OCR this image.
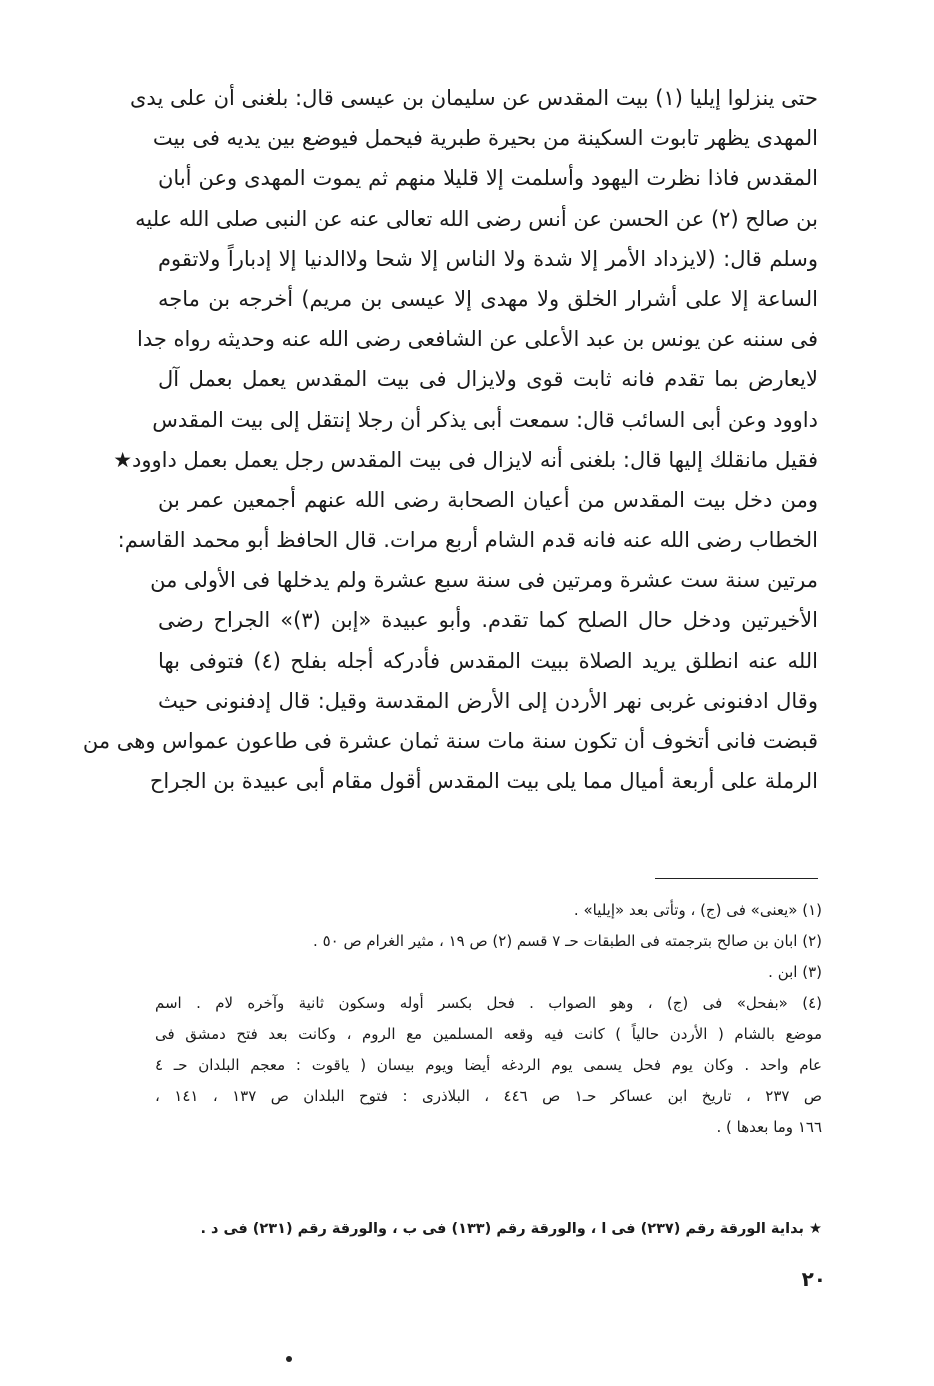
حتى ينزلوا إيليا (١) بيت المقدس عن سليمان بن عيسى قال: بلغنى أن على يدى
المهدى يظهر تابوت السكينة من بحيرة طبرية فيحمل فيوضع بين يديه فى بيت
المقدس فاذا نظرت اليهود وأسلمت إلا قليلا منهم ثم يموت المهدى وعن أبان
بن صالح (٢) عن الحسن عن أنس رضى الله تعالى عنه عن النبى صلى الله عليه
وسلم قال: (لايزداد الأمر إلا شدة ولا الناس إلا شحا ولاالدنيا إلا إدباراً ولاتقوم
الساعة إلا على أشرار الخلق ولا مهدى إلا عيسى بن مريم) أخرجه بن ماجه
فى سننه عن يونس بن عبد الأعلى عن الشافعى رضى الله عنه وحديثه رواه جدا
لايعارض بما تقدم فانه ثابت قوى ولايزال فى بيت المقدس يعمل بعمل آل
داوود وعن أبى السائب قال: سمعت أبى يذكر أن رجلا إنتقل إلى بيت المقدس
فقيل مانقلك إليها قال: بلغنى أنه لايزال فى بيت المقدس رجل يعمل بعمل داوود★
ومن دخل بيت المقدس من أعيان الصحابة رضى الله عنهم أجمعين عمر بن
الخطاب رضى الله عنه فانه قدم الشام أربع مرات. قال الحافظ أبو محمد القاسم:
مرتين سنة ست عشرة ومرتين فى سنة سبع عشرة ولم يدخلها فى الأولى من
الأخيرتين ودخل حال الصلح كما تقدم. وأبو عبيدة «إبن (٣)» الجراح رضى
الله عنه انطلق يريد الصلاة ببيت المقدس فأدركه أجله بفلح (٤) فتوفى بها
وقال ادفنونى غربى نهر الأردن إلى الأرض المقدسة وقيل: قال إدفنونى حيث
قبضت فانى أتخوف أن تكون سنة مات سنة ثمان عشرة فى طاعون عمواس وهى من
الرملة على أربعة أميال مما يلى بيت المقدس أقول مقام أبى عبيدة بن الجراح
(١) «يعنى» فى (ج) ، وتأتى بعد «إيليا» .
(٢) ابان بن صالح بترجمته فى الطبقات حـ ٧ قسم (٢) ص ١٩ ، مثير الغرام ص ٥٠ .
(٣) ابن .
(٤) «بفحل» فى (ج) ، وهو الصواب . فحل بكسر أوله وسكون ثانية وآخره لام . اسم
موضع بالشام ( الأردن حالياً ) كانت فيه وقعه المسلمين مع الروم ، وكانت بعد فتح دمشق فى
عام واحد . وكان يوم فحل يسمى يوم الردغه أيضا ويوم بيسان ( ياقوت : معجم البلدان حـ ٤
ص ٢٣٧ ، تاريخ ابن عساكر حـ١ ص ٤٤٦ ، البلاذرى : فتوح البلدان ص ١٣٧ ، ١٤١ ،
١٦٦ وما بعدها ) .
★ بداية الورقة رقم (٢٣٧) فى ا ، والورقة رقم (١٣٣) فى ب ، والورقة رقم (٢٣١) فى د .
٢٠
